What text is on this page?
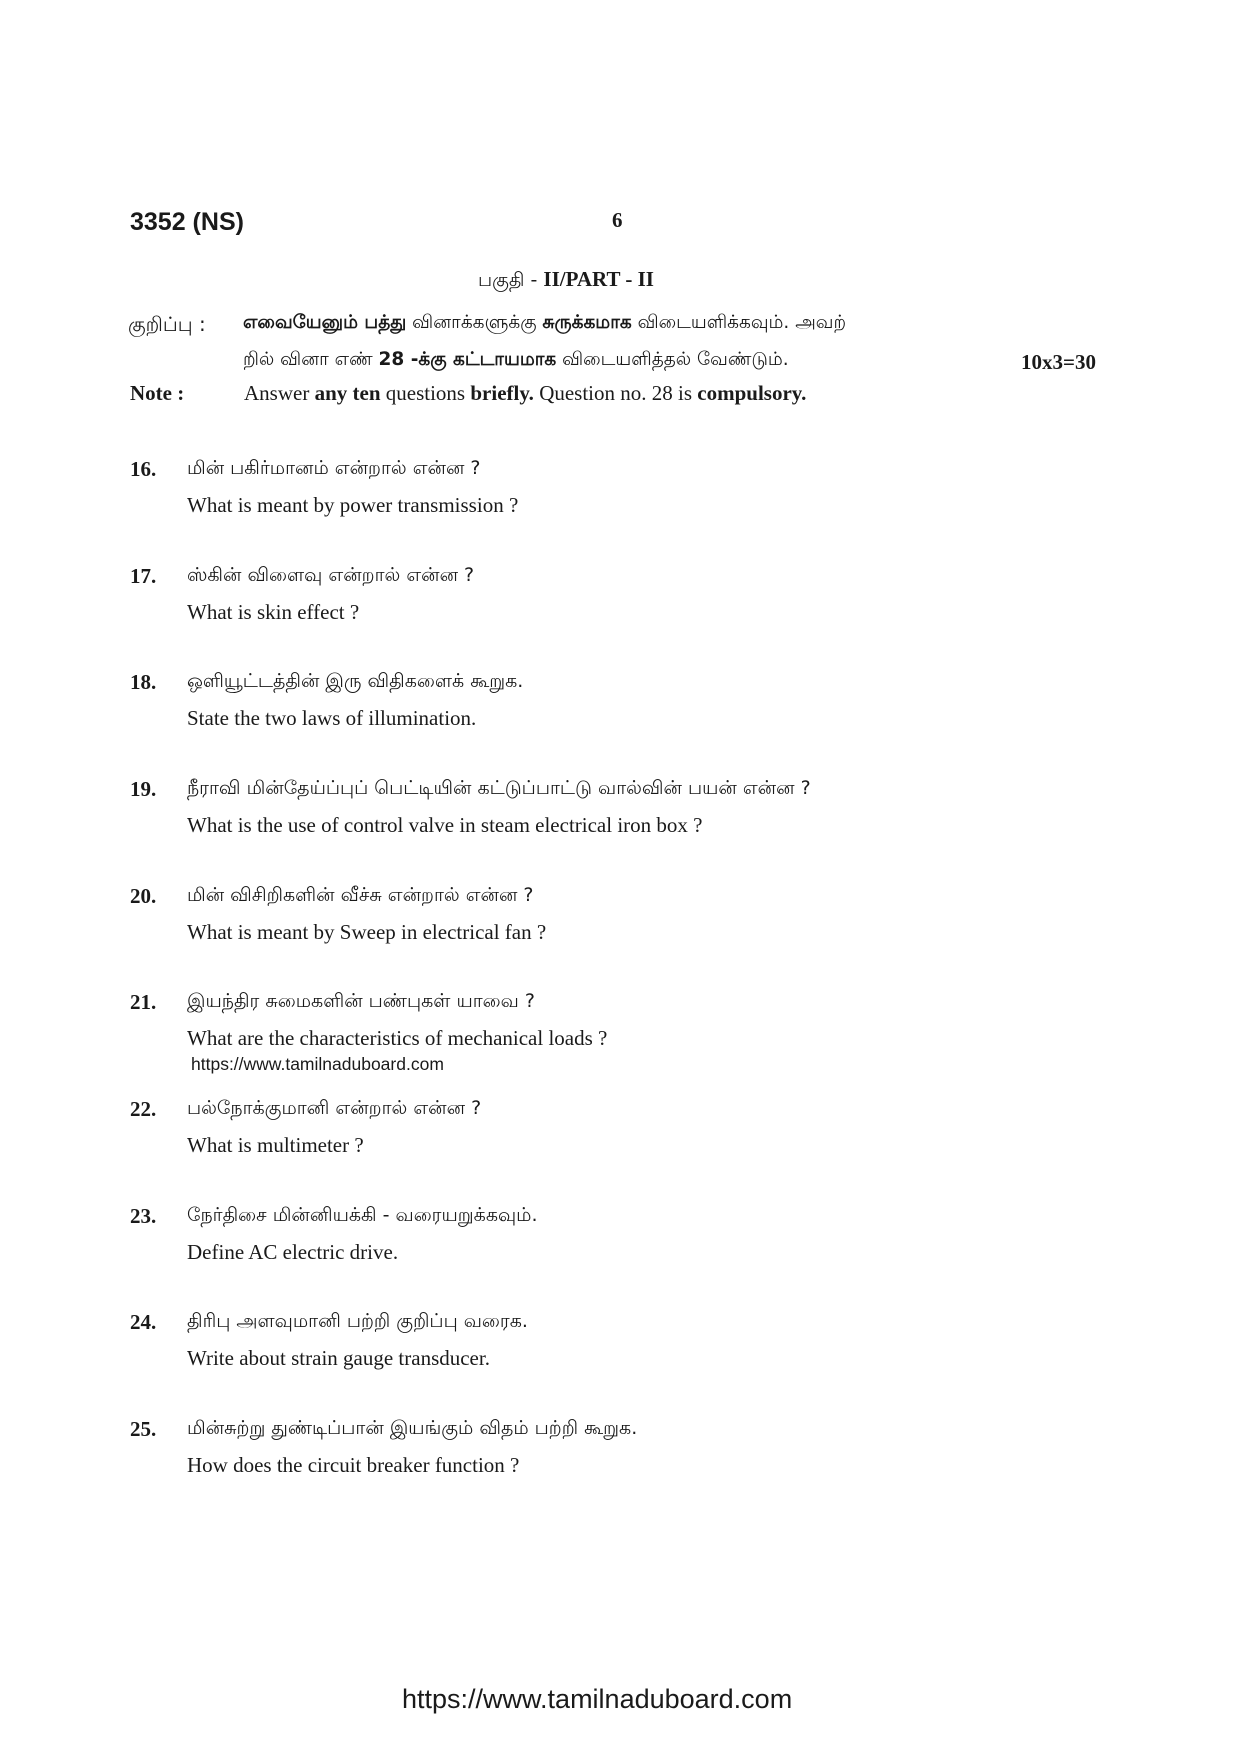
3352 (NS)	6
பகுதி - II/PART - II
குறிப்பு : எவையேனும் பத்து வினாக்களுக்கு சுருக்கமாக விடையளிக்கவும். அவற்
றில் வினா எண் 28 -க்கு கட்டாயமாக விடையளித்தல் வேண்டும்.	10x3=30
Note :	Answer any ten questions briefly. Question no. 28 is compulsory.
16. மின் பகிர்மானம் என்றால் என்ன ?
What is meant by power transmission ?
17. ஸ்கின் விளைவு என்றால் என்ன ?
What is skin effect ?
18. ஒளியூட்டத்தின் இரு விதிகளைக் கூறுக.
State the two laws of illumination.
19. நீராவி மின்தேய்ப்புப் பெட்டியின் கட்டுப்பாட்டு வால்வின் பயன் என்ன ?
What is the use of control valve in steam electrical iron box ?
20. மின் விசிறிகளின் வீச்சு என்றால் என்ன ?
What is meant by Sweep in electrical fan ?
21. இயந்திர சுமைகளின் பண்புகள் யாவை ?
What are the characteristics of mechanical loads ?
https://www.tamilnaduboard.com
22. பல்நோக்குமானி என்றால் என்ன ?
What is multimeter ?
23. நேர்திசை மின்னியக்கி - வரையறுக்கவும்.
Define AC electric drive.
24. திரிபு அளவுமானி பற்றி குறிப்பு வரைக.
Write about strain gauge transducer.
25. மின்சுற்று துண்டிப்பான் இயங்கும் விதம் பற்றி கூறுக.
How does the circuit breaker function ?
https://www.tamilnaduboard.com
